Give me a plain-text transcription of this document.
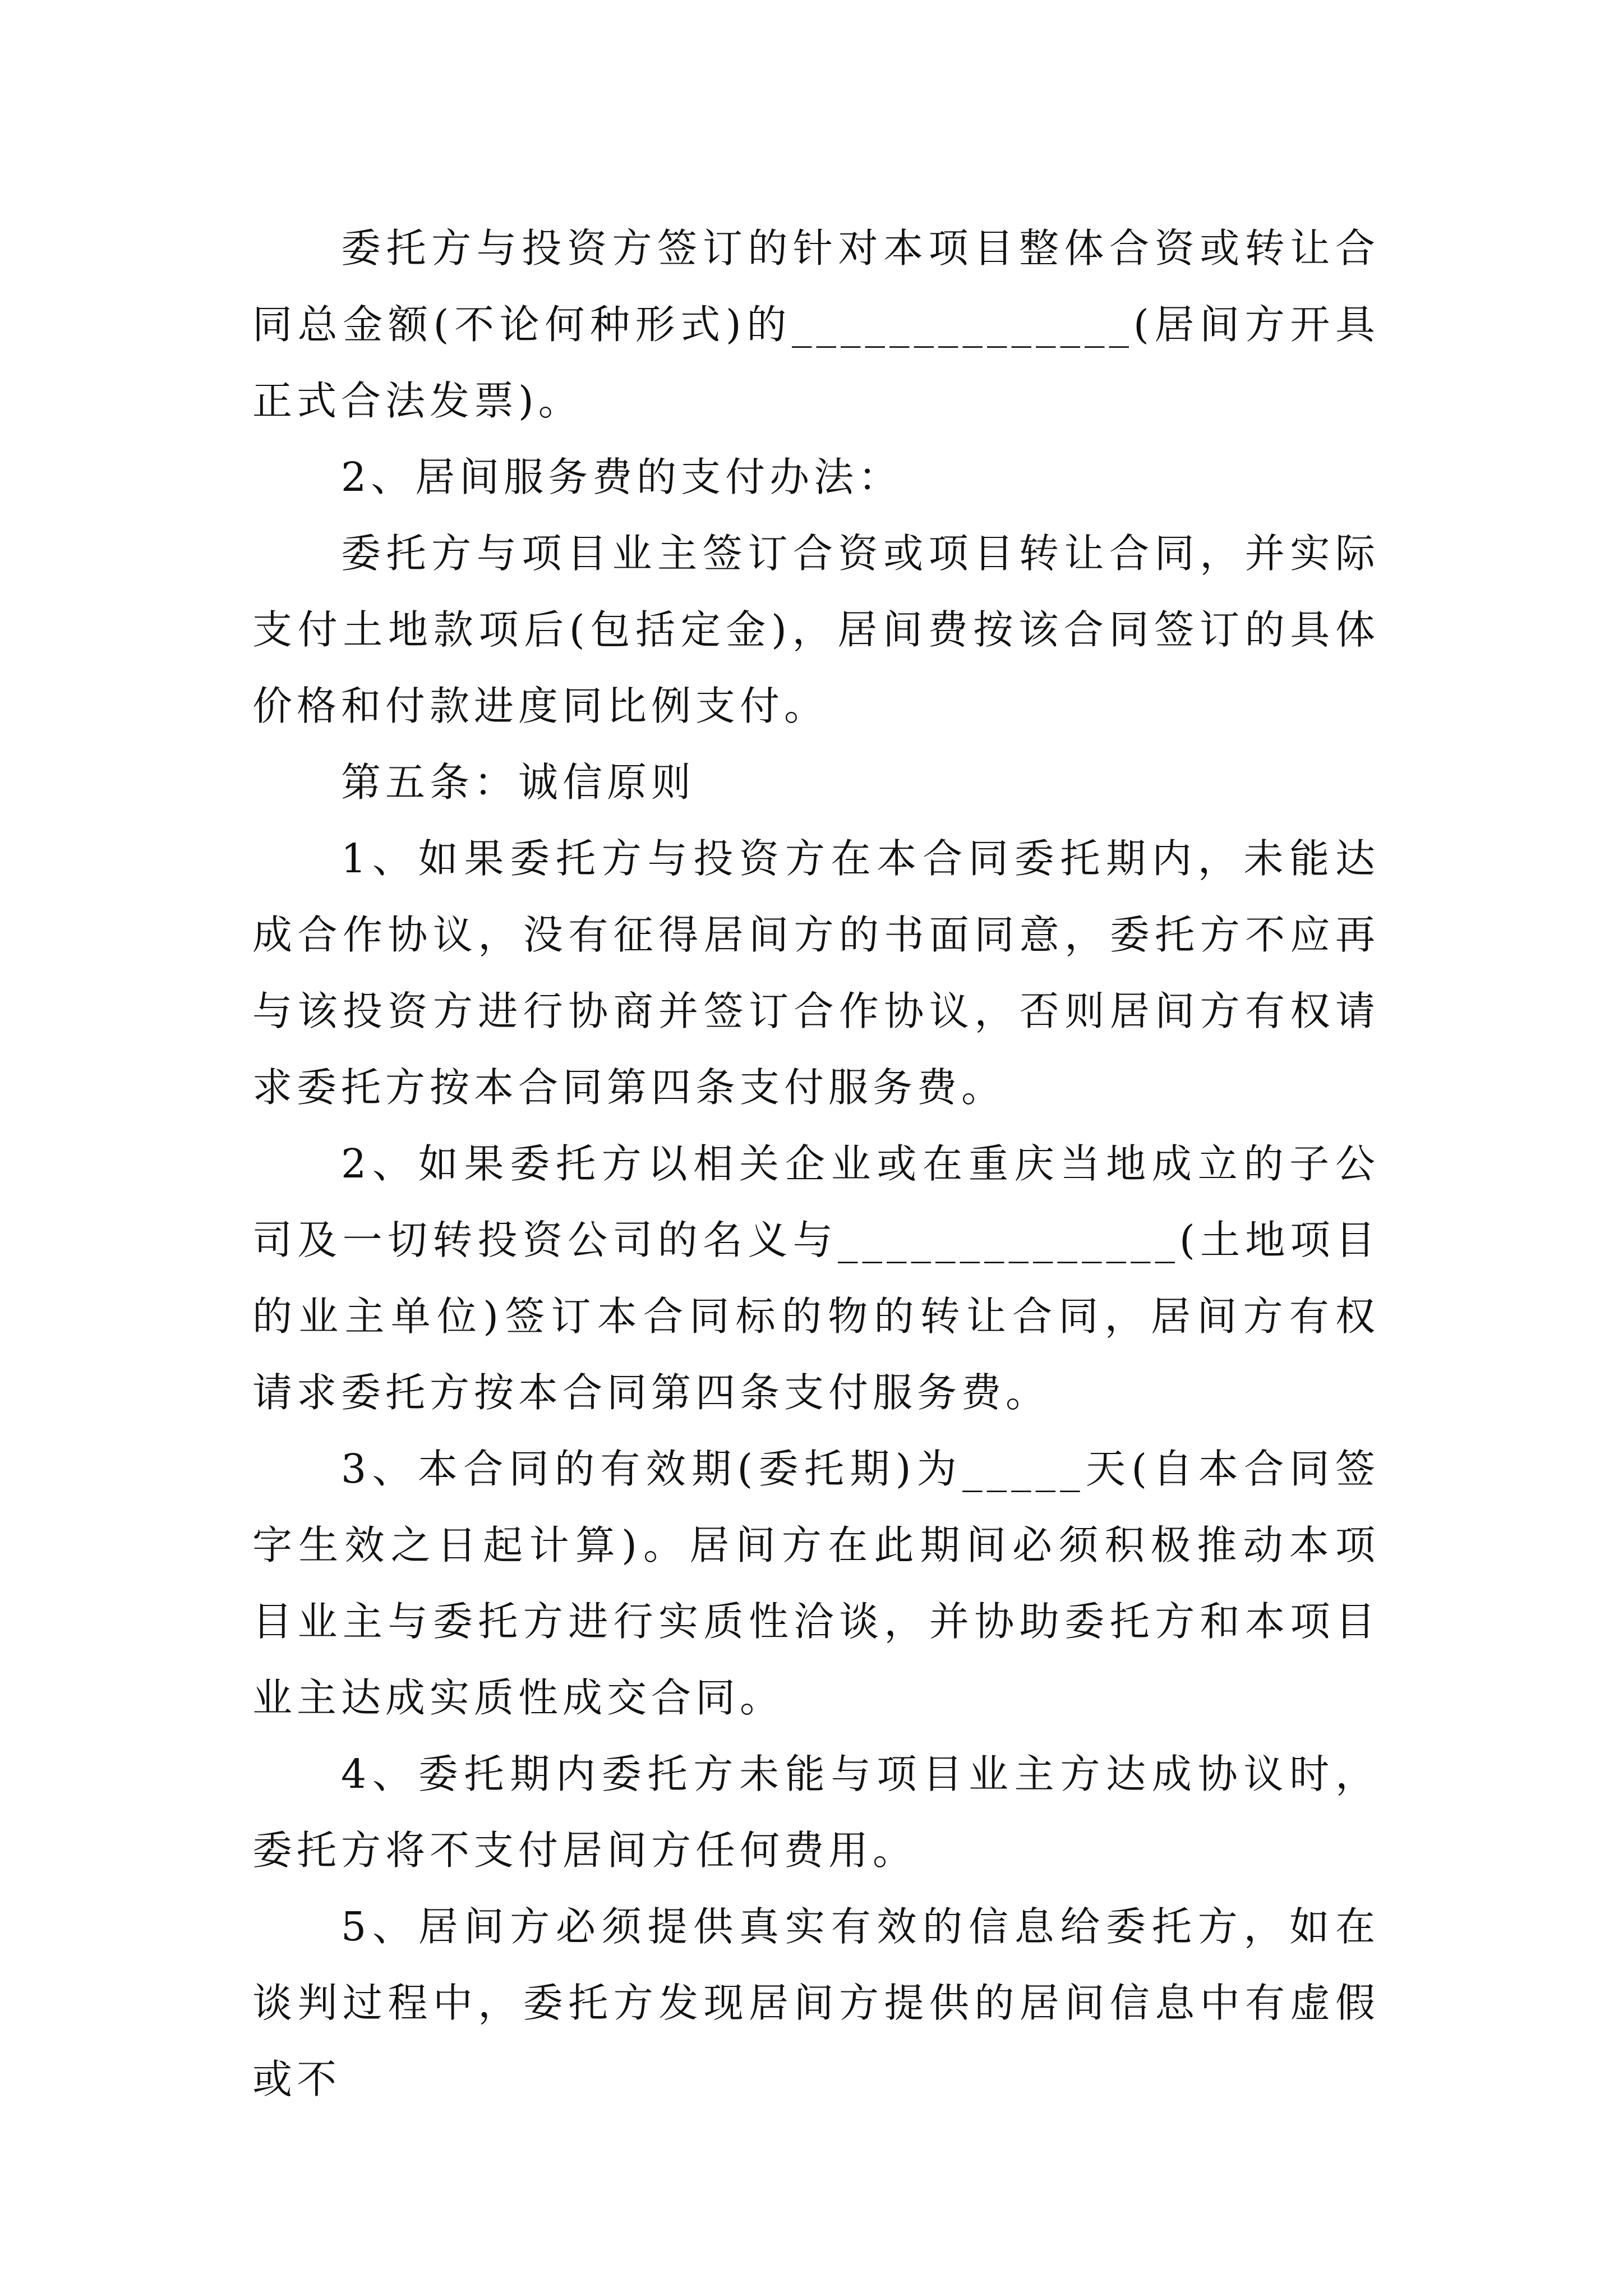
委托方与投资方签订的针对本项目整体合资或转让合同总金额(不论何种形式)的______________(居间方开具正式合法发票)。

2、居间服务费的支付办法：

委托方与项目业主签订合资或项目转让合同，并实际支付土地款项后(包括定金)，居间费按该合同签订的具体价格和付款进度同比例支付。

第五条：诚信原则

1、如果委托方与投资方在本合同委托期内，未能达成合作协议，没有征得居间方的书面同意，委托方不应再与该投资方进行协商并签订合作协议，否则居间方有权请求委托方按本合同第四条支付服务费。

2、如果委托方以相关企业或在重庆当地成立的子公司及一切转投资公司的名义与______________(土地项目的业主单位)签订本合同标的物的转让合同，居间方有权请求委托方按本合同第四条支付服务费。

3、本合同的有效期(委托期)为_____天(自本合同签字生效之日起计算)。居间方在此期间必须积极推动本项目业主与委托方进行实质性洽谈，并协助委托方和本项目业主达成实质性成交合同。

4、委托期内委托方未能与项目业主方达成协议时，委托方将不支付居间方任何费用。

5、居间方必须提供真实有效的信息给委托方，如在谈判过程中，委托方发现居间方提供的居间信息中有虚假或不
